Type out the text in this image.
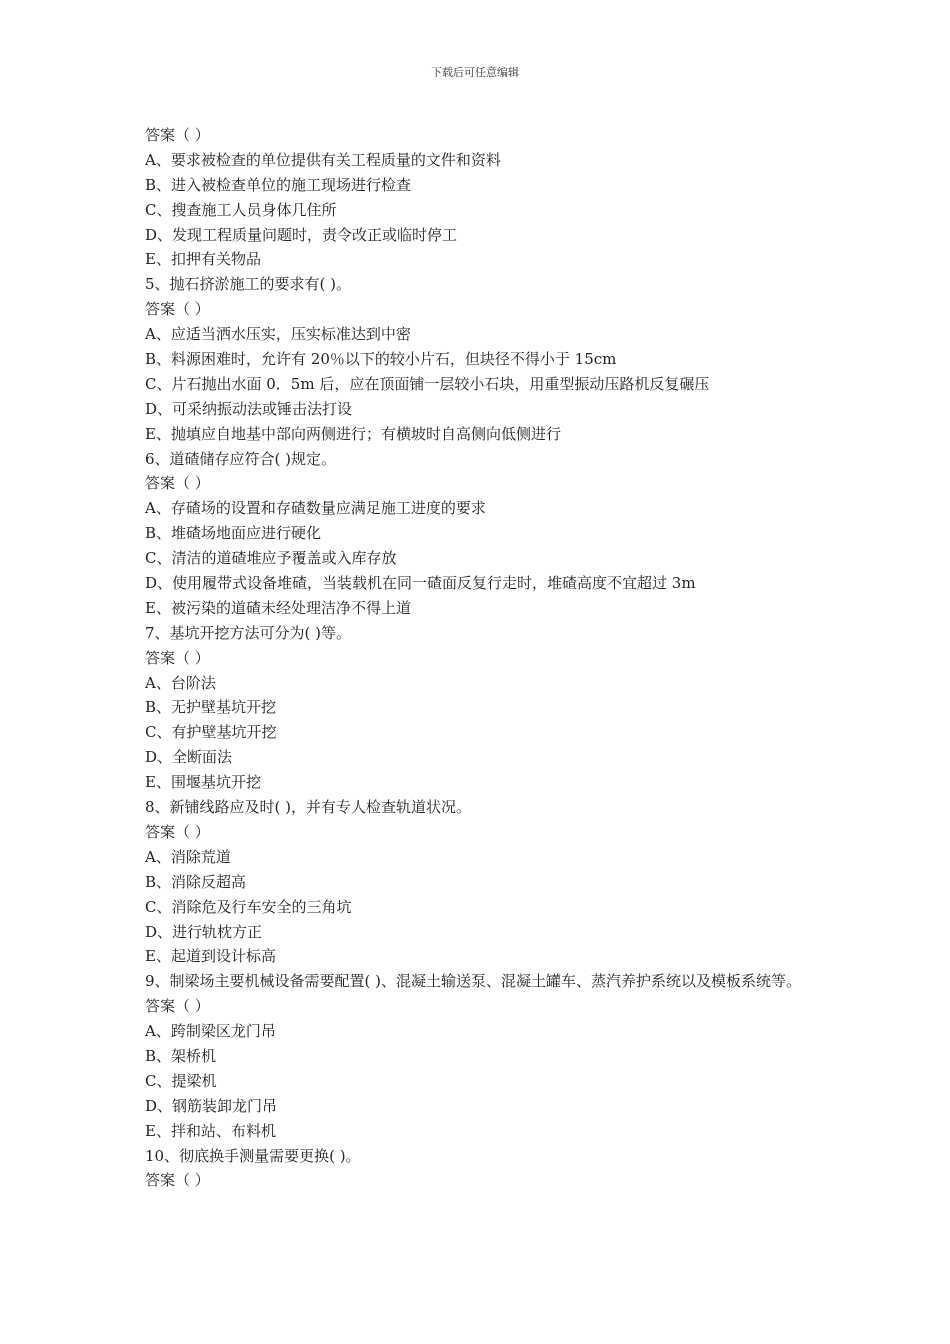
下载后可任意编辑
答案（ ）
A、要求被检查的单位提供有关工程质量的文件和资料
B、进入被检查单位的施工现场进行检查
C、搜查施工人员身体几住所
D、发现工程质量问题时，责令改正或临时停工
E、扣押有关物品
5、抛石挤淤施工的要求有( )。
答案（ ）
A、应适当洒水压实，压实标准达到中密
B、料源困难时，允许有 20％以下的较小片石，但块径不得小于 15cm
C、片石抛出水面 0．5m 后，应在顶面铺一层较小石块，用重型振动压路机反复碾压
D、可采纳振动法或锤击法打设
E、抛填应自地基中部向两侧进行；有横坡时自高侧向低侧进行
6、道碴储存应符合( )规定。
答案（ ）
A、存碴场的设置和存碴数量应满足施工进度的要求
B、堆碴场地面应进行硬化
C、清洁的道碴堆应予覆盖或入库存放
D、使用履带式设备堆碴，当装载机在同一碴面反复行走时，堆碴高度不宜超过 3m
E、被污染的道碴未经处理洁净不得上道
7、基坑开挖方法可分为( )等。
答案（ ）
A、台阶法
B、无护壁基坑开挖
C、有护壁基坑开挖
D、全断面法
E、围堰基坑开挖
8、新铺线路应及时( )，并有专人检查轨道状况。
答案（ ）
A、消除荒道
B、消除反超高
C、消除危及行车安全的三角坑
D、进行轨枕方正
E、起道到设计标高
9、制梁场主要机械设备需要配置( )、混凝土输送泵、混凝土罐车、蒸汽养护系统以及模板系统等。
答案（ ）
A、跨制梁区龙门吊
B、架桥机
C、提梁机
D、钢筋装卸龙门吊
E、拌和站、布料机
10、彻底换手测量需要更换( )。
答案（ ）
